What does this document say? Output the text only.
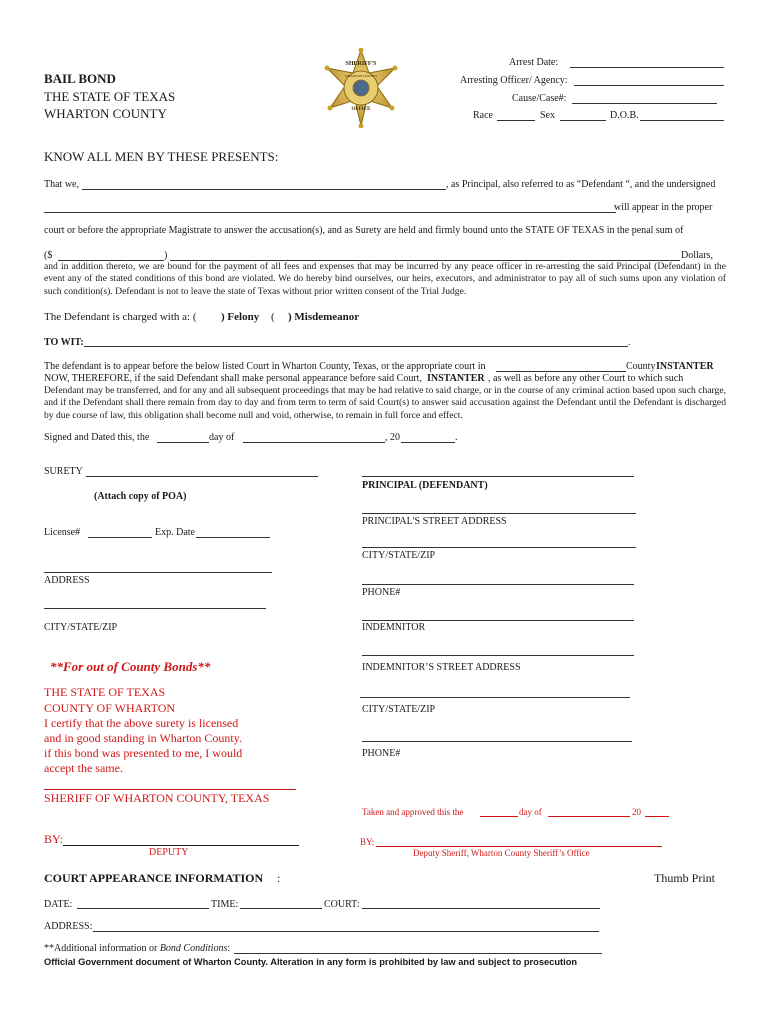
BAIL BOND
THE STATE OF TEXAS
WHARTON COUNTY
SHERIFF'S
WHARTON COUNTY
OFFICE
Arrest Date:
Arresting Officer/ Agency:
Cause/Case#:
Race	Sex	D.O.B.
KNOW ALL MEN BY THESE PRESENTS:
That we,	, as Principal, also referred to as “Defendant “, and the undersigned
will appear in the proper
court or before the appropriate Magistrate to answer the accusation(s), and as Surety are held and firmly bound unto the STATE OF TEXAS in the penal sum of
($	)	Dollars,
and in addition thereto, we are bound for the payment of all fees and expenses that may be incurred by any peace officer in re-arresting the said Principal (Defendant) in the event any of the stated conditions of this bond are violated. We do hereby bind ourselves, our heirs, executors, and administrator to pay all of such sums upon any violation of such condition(s). Defendant is not to leave the state of Texas without prior written consent of the Trial Judge.
The Defendant is charged with a: ( ) Felony ( ) Misdemeanor
TO WIT:	.
The defendant is to appear before the below listed Court in Wharton County, Texas, or the appropriate court in	County INSTANTER
NOW, THEREFORE, if the said Defendant shall make personal appearance before said Court, INSTANTER , as well as before any other Court to which such
Defendant may be transferred, and for any and all subsequent proceedings that may be had relative to said charge, or in the course of any criminal action based upon such charge, and if the Defendant shall there remain from day to day and from term to term of said Court(s) to answer said accusation against the Defendant until the Defendant is discharged by due course of law, this obligation shall become null and void, otherwise, to remain in full force and effect.
Signed and Dated this, the	day of	, 20	.
SURETY
(Attach copy of POA)
License#	Exp. Date
ADDRESS
CITY/STATE/ZIP
PRINCIPAL (DEFENDANT)
PRINCIPAL'S STREET ADDRESS
CITY/STATE/ZIP
PHONE#
INDEMNITOR
INDEMNITOR’S STREET ADDRESS
CITY/STATE/ZIP
PHONE#
**For out of County Bonds**
THE STATE OF TEXAS
COUNTY OF WHARTON
I certify that the above surety is licensed
and in good standing in Wharton County.
if this bond was presented to me, I would
accept the same.
SHERIFF OF WHARTON COUNTY, TEXAS
BY:
DEPUTY
Taken and approved this the	day of	20
BY:
Deputy Sheriff, Wharton County Sheriff’s Office
COURT APPEARANCE INFORMATION :	Thumb Print
DATE:	TIME:	COURT:
ADDRESS:
**Additional information or Bond Conditions:
Official Government document of Wharton County. Alteration in any form is prohibited by law and subject to prosecution
